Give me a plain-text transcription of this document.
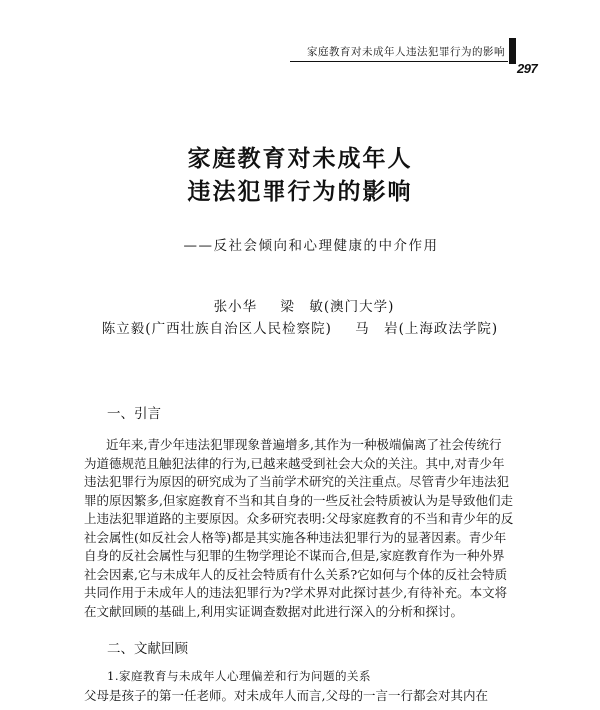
家庭教育对未成年人违法犯罪行为的影响
297
家庭教育对未成年人
违法犯罪行为的影响
——反社会倾向和心理健康的中介作用
张小华 梁　敏(澳门大学)
陈立毅(广西壮族自治区人民检察院) 马　岩(上海政法学院)
一、引言
近年来,青少年违法犯罪现象普遍增多,其作为一种极端偏离了社会传统行
为道德规范且触犯法律的行为,已越来越受到社会大众的关注。其中,对青少年
违法犯罪行为原因的研究成为了当前学术研究的关注重点。尽管青少年违法犯
罪的原因繁多,但家庭教育不当和其自身的一些反社会特质被认为是导致他们走
上违法犯罪道路的主要原因。众多研究表明:父母家庭教育的不当和青少年的反
社会属性(如反社会人格等)都是其实施各种违法犯罪行为的显著因素。青少年
自身的反社会属性与犯罪的生物学理论不谋而合,但是,家庭教育作为一种外界
社会因素,它与未成年人的反社会特质有什么关系?它如何与个体的反社会特质
共同作用于未成年人的违法犯罪行为?学术界对此探讨甚少,有待补充。本文将
在文献回顾的基础上,利用实证调查数据对此进行深入的分析和探讨。
二、文献回顾
1.家庭教育与未成年人心理偏差和行为问题的关系
父母是孩子的第一任老师。对未成年人而言,父母的一言一行都会对其内在
